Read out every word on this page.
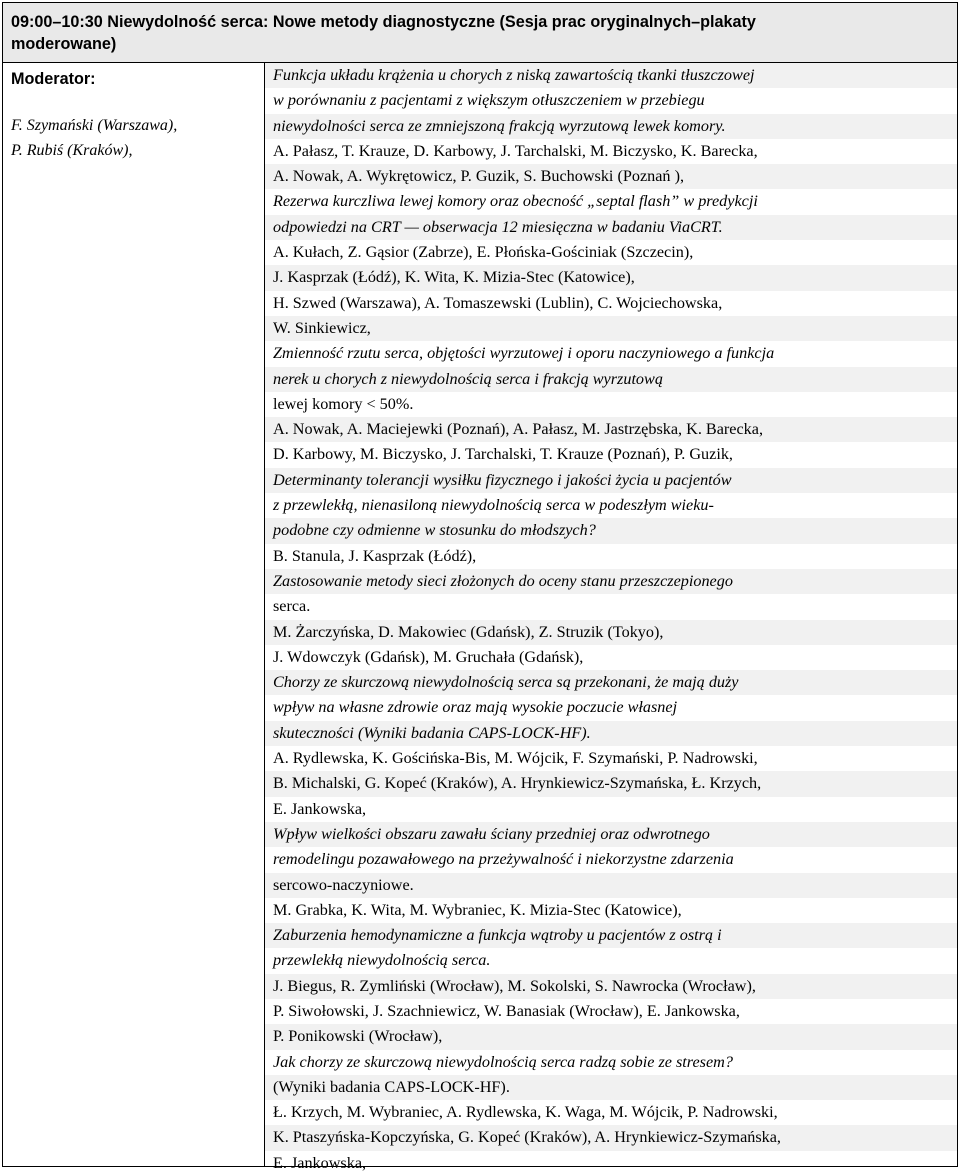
09:00–10:30 Niewydolność serca: Nowe metody diagnostyczne (Sesja prac oryginalnych–plakaty
moderowane)
Moderator:
F. Szymański (Warszawa),
P. Rubiś (Kraków),
Funkcja układu krążenia u chorych z niską zawartością tkanki tłuszczowej
w porównaniu z pacjentami z większym otłuszczeniem w przebiegu
niewydolności serca ze zmniejszoną frakcją wyrzutową lewek komory.
A. Pałasz, T. Krauze, D. Karbowy, J. Tarchalski, M. Biczysko, K. Barecka,
A. Nowak, A. Wykrętowicz, P. Guzik, S. Buchowski (Poznań ),
Rezerwa kurczliwa lewej komory oraz obecność „septal flash” w predykcji
odpowiedzi na CRT — obserwacja 12 miesięczna w badaniu ViaCRT.
A. Kułach, Z. Gąsior (Zabrze), E. Płońska-Gościniak (Szczecin),
J. Kasprzak (Łódź), K. Wita, K. Mizia-Stec (Katowice),
H. Szwed (Warszawa), A. Tomaszewski (Lublin), C. Wojciechowska,
W. Sinkiewicz,
Zmienność rzutu serca, objętości wyrzutowej i oporu naczyniowego a funkcja
nerek u chorych z niewydolnością serca i frakcją wyrzutową
lewej komory < 50%.
A. Nowak, A. Maciejewki (Poznań), A. Pałasz, M. Jastrzębska, K. Barecka,
D. Karbowy, M. Biczysko, J. Tarchalski, T. Krauze (Poznań), P. Guzik,
Determinanty tolerancji wysiłku fizycznego i jakości życia u pacjentów
z przewlekłą, nienasiloną niewydolnością serca w podeszłym wieku-
podobne czy odmienne w stosunku do młodszych?
B. Stanula, J. Kasprzak (Łódź),
Zastosowanie metody sieci złożonych do oceny stanu przeszczepionego
serca.
M. Żarczyńska, D. Makowiec (Gdańsk), Z. Struzik (Tokyo),
J. Wdowczyk (Gdańsk), M. Gruchała (Gdańsk),
Chorzy ze skurczową niewydolnością serca są przekonani, że mają duży
wpływ na własne zdrowie oraz mają wysokie poczucie własnej
skuteczności (Wyniki badania CAPS-LOCK-HF).
A. Rydlewska, K. Gościńska-Bis, M. Wójcik, F. Szymański, P. Nadrowski,
B. Michalski, G. Kopeć (Kraków), A. Hrynkiewicz-Szymańska, Ł. Krzych,
E. Jankowska,
Wpływ wielkości obszaru zawału ściany przedniej oraz odwrotnego
remodelingu pozawałowego na przeżywalność i niekorzystne zdarzenia
sercowo-naczyniowe.
M. Grabka, K. Wita, M. Wybraniec, K. Mizia-Stec (Katowice),
Zaburzenia hemodynamiczne a funkcja wątroby u pacjentów z ostrą i
przewlekłą niewydolnością serca.
J. Biegus, R. Zymliński (Wrocław), M. Sokolski, S. Nawrocka (Wrocław),
P. Siwołowski, J. Szachniewicz, W. Banasiak (Wrocław), E. Jankowska,
P. Ponikowski (Wrocław),
Jak chorzy ze skurczową niewydolnością serca radzą sobie ze stresem?
(Wyniki badania CAPS-LOCK-HF).
Ł. Krzych, M. Wybraniec, A. Rydlewska, K. Waga, M. Wójcik, P. Nadrowski,
K. Ptaszyńska-Kopczyńska, G. Kopeć (Kraków), A. Hrynkiewicz-Szymańska,
E. Jankowska,
